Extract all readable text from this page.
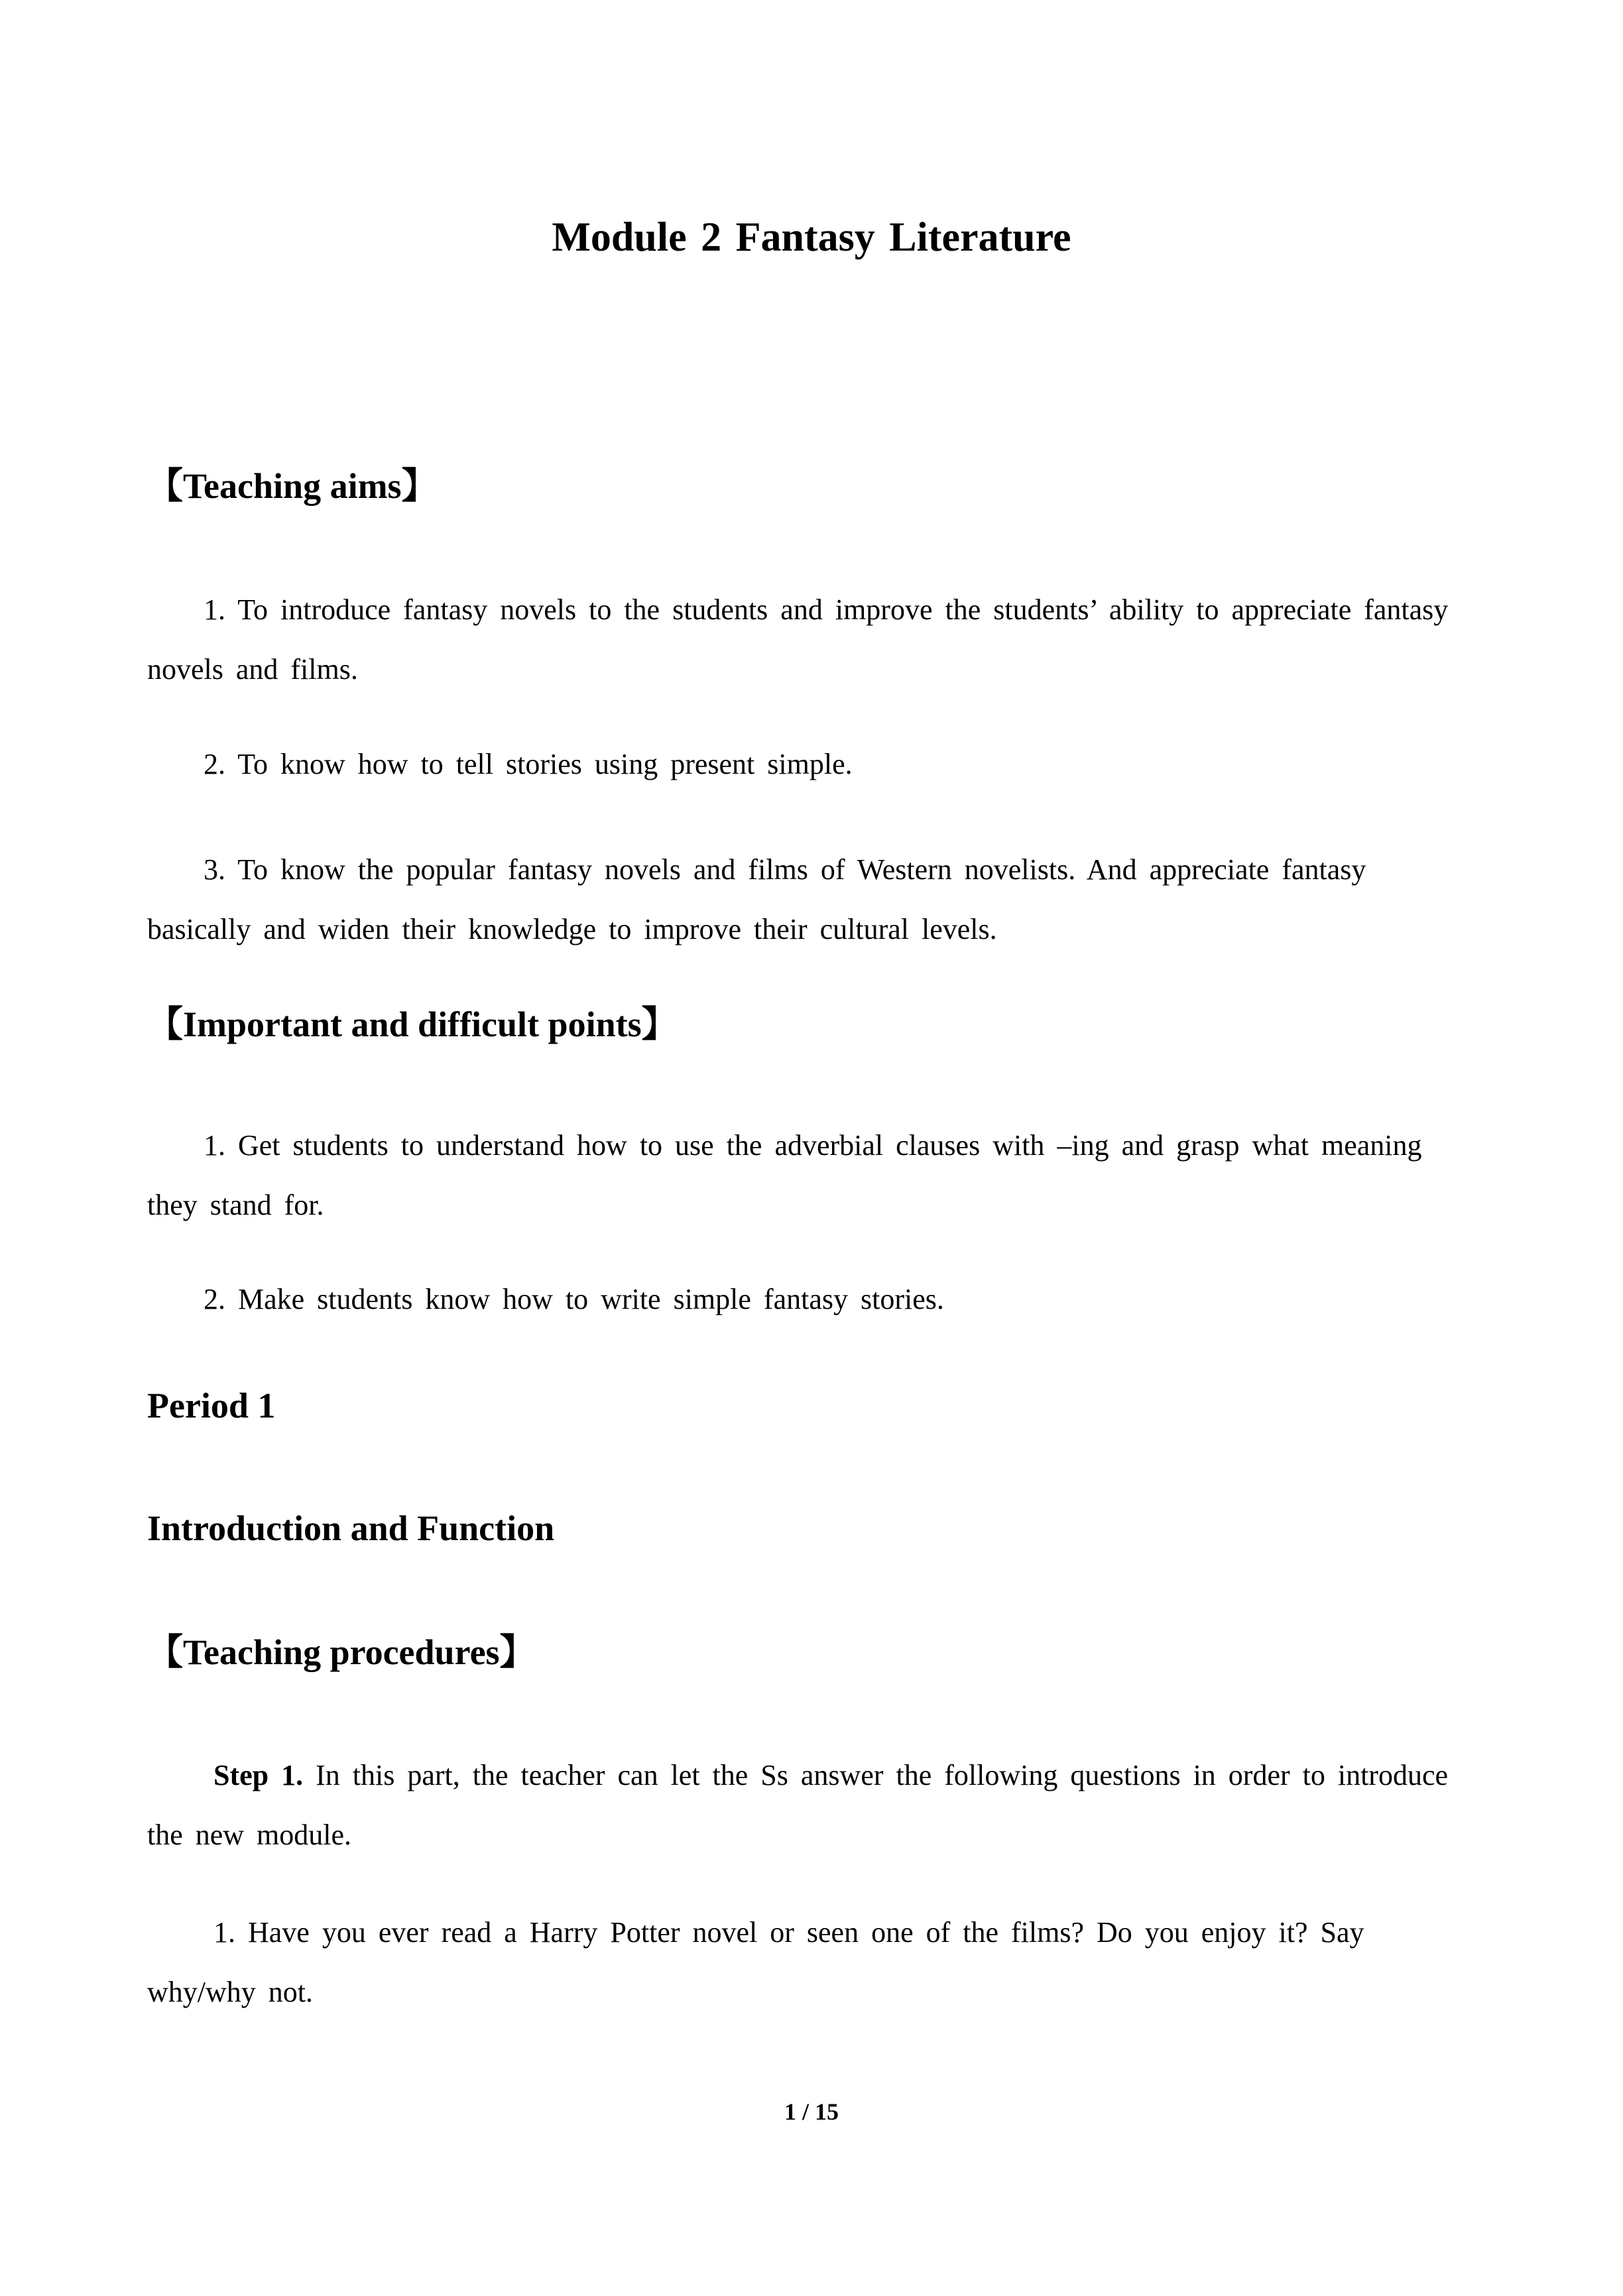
Module 2 Fantasy Literature
【Teaching aims】
1. To introduce fantasy novels to the students and improve the students’ ability to appreciate fantasy novels and films.
2. To know how to tell stories using present simple.
3. To know the popular fantasy novels and films of Western novelists. And appreciate fantasy basically and widen their knowledge to improve their cultural levels.
【Important and difficult points】
1. Get students to understand how to use the adverbial clauses with –ing and grasp what meaning they stand for.
2. Make students know how to write simple fantasy stories.
Period 1
Introduction and Function
【Teaching procedures】
Step 1. In this part, the teacher can let the Ss answer the following questions in order to introduce the new module.
1. Have you ever read a Harry Potter novel or seen one of the films? Do you enjoy it? Say why/why not.
1 / 15
